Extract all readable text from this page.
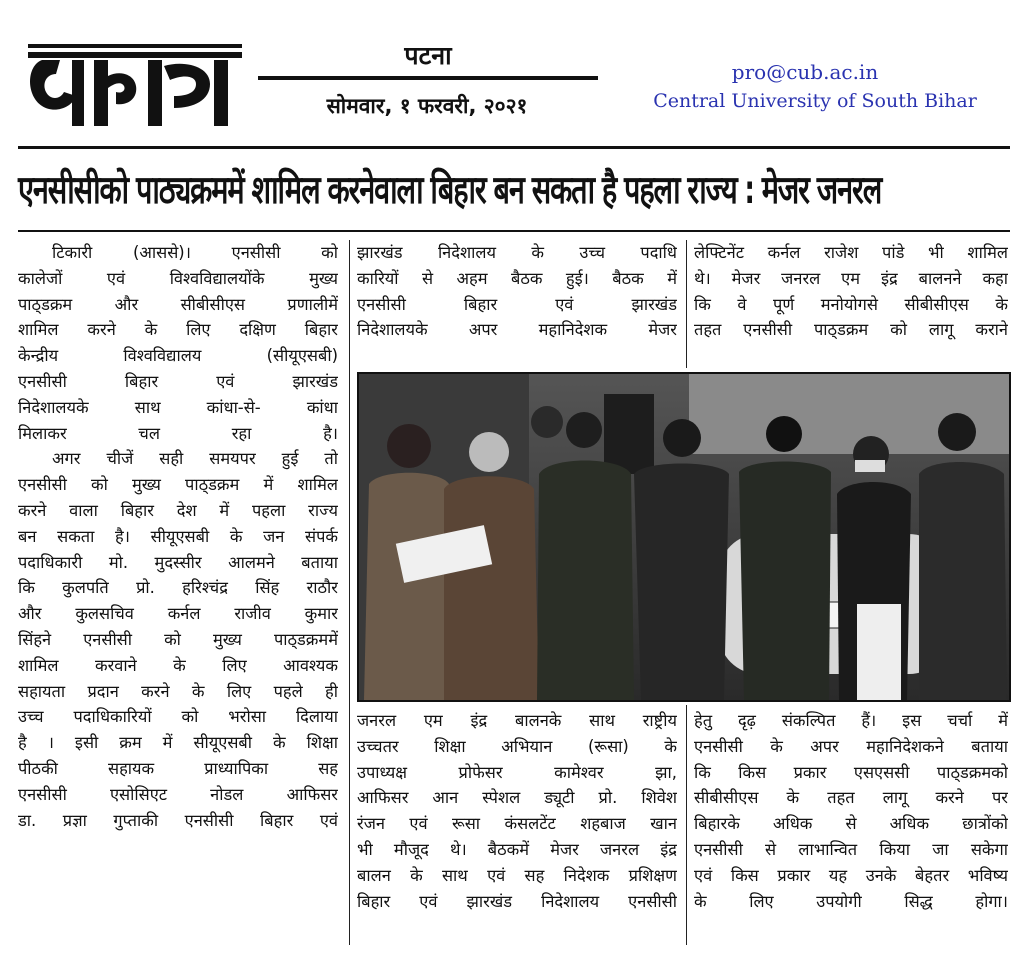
पटना
सोमवार, १ फरवरी, २०२१
pro@cub.ac.in
Central University of South Bihar
एनसीसीको पाठ्यक्रममें शामिल करनेवाला बिहार बन सकता है पहला राज्य : मेजर जनरल
टिकारी (आससे)। एनसीसी को
कालेजों एवं विश्वविद्यालयोंके मुख्य
पाठ्डक्रम और सीबीसीएस प्रणालीमें
शामिल करने के लिए दक्षिण बिहार
केन्द्रीय विश्वविद्यालय (सीयूएसबी)
एनसीसी बिहार एवं झारखंड
निदेशालयके साथ कांधा-से- कांधा
मिलाकर चल रहा है।
अगर चीजें सही समयपर हुई तो
एनसीसी को मुख्य पाठ्डक्रम में शामिल
करने वाला बिहार देश में पहला राज्य
बन सकता है। सीयूएसबी के जन संपर्क
पदाधिकारी मो. मुदस्सीर आलमने बताया
कि कुलपति प्रो. हरिश्चंद्र सिंह राठौर
और कुलसचिव कर्नल राजीव कुमार
सिंहने एनसीसी को मुख्य पाठ्डक्रममें
शामिल करवाने के लिए आवश्यक
सहायता प्रदान करने के लिए पहले ही
उच्च पदाधिकारियों को भरोसा दिलाया
है । इसी क्रम में सीयूएसबी के शिक्षा
पीठकी सहायक प्राध्यापिका सह
एनसीसी एसोसिएट नोडल आफिसर
डा. प्रज्ञा गुप्ताकी एनसीसी बिहार एवं
झारखंड निदेशालय के उच्च पदाधि
कारियों से अहम बैठक हुई। बैठक में
एनसीसी बिहार एवं झारखंड
निदेशालयके अपर महानिदेशक मेजर
लेफ्टिनेंट कर्नल राजेश पांडे भी शामिल
थे। मेजर जनरल एम इंद्र बालनने कहा
कि वे पूर्ण मनोयोगसे सीबीसीएस के
तहत एनसीसी पाठ्डक्रम को लागू कराने
जनरल एम इंद्र बालनके साथ राष्ट्रीय
उच्चतर शिक्षा अभियान (रूसा) के
उपाध्यक्ष प्रोफेसर कामेश्वर झा,
आफिसर आन स्पेशल ड्यूटी प्रो. शिवेश
रंजन एवं रूसा कंसलटेंट शहबाज खान
भी मौजूद थे। बैठकमें मेजर जनरल इंद्र
बालन के साथ एवं सह निदेशक प्रशिक्षण
बिहार एवं झारखंड निदेशालय एनसीसी
हेतु दृढ़ संकल्पित हैं। इस चर्चा में
एनसीसी के अपर महानिदेशकने बताया
कि किस प्रकार एसएससी पाठ्डक्रमको
सीबीसीएस के तहत लागू करने पर
बिहारके अधिक से अधिक छात्रोंको
एनसीसी से लाभान्वित किया जा सकेगा
एवं किस प्रकार यह उनके बेहतर भविष्य
के लिए उपयोगी सिद्ध होगा।
